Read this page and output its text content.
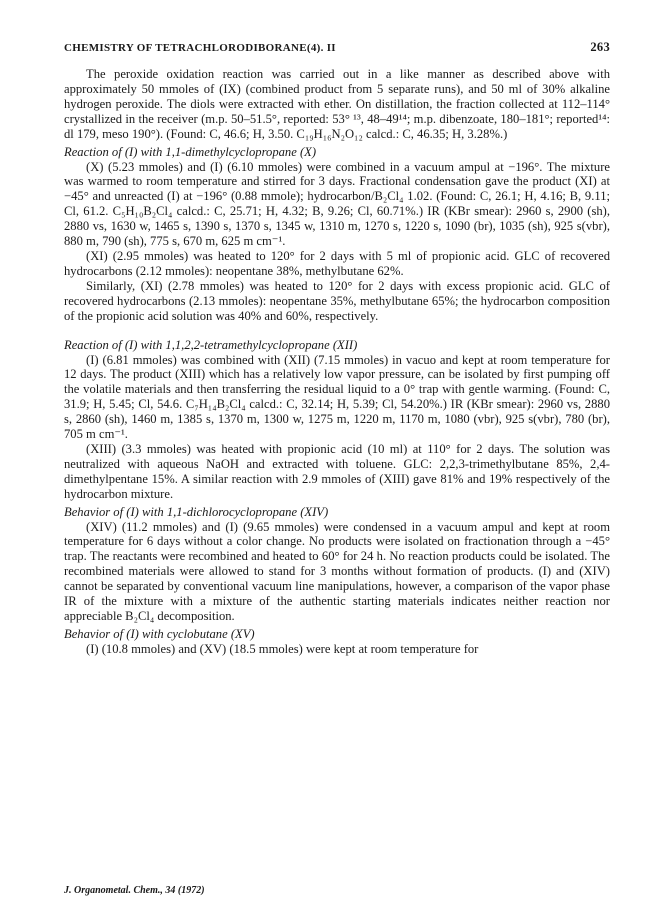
CHEMISTRY OF TETRACHLORODIBORANE(4). II	263

The peroxide oxidation reaction was carried out in a like manner as described above with approximately 50 mmoles of (IX) (combined product from 5 separate runs), and 50 ml of 30% alkaline hydrogen peroxide. The diols were extracted with ether. On distillation, the fraction collected at 112–114° crystallized in the receiver (m.p. 50–51.5°, reported: 53° ¹³, 48–49¹⁴; m.p. dibenzoate, 180–181°; reported¹⁴: dl 179, meso 190°). (Found: C, 46.6; H, 3.50. C₁₉H₁₆N₂O₁₂ calcd.: C, 46.35; H, 3.28%.)

Reaction of (I) with 1,1-dimethylcyclopropane (X)

(X) (5.23 mmoles) and (I) (6.10 mmoles) were combined in a vacuum ampul at −196°. The mixture was warmed to room temperature and stirred for 3 days. Fractional condensation gave the product (XI) at −45° and unreacted (I) at −196° (0.88 mmole); hydrocarbon/B₂Cl₄ 1.02. (Found: C, 26.1; H, 4.16; B, 9.11; Cl, 61.2. C₅H₁₀B₂Cl₄ calcd.: C, 25.71; H, 4.32; B, 9.26; Cl, 60.71%.) IR (KBr smear): 2960 s, 2900 (sh), 2880 vs, 1630 w, 1465 s, 1390 s, 1370 s, 1345 w, 1310 m, 1270 s, 1220 s, 1090 (br), 1035 (sh), 925 s(vbr), 880 m, 790 (sh), 775 s, 670 m, 625 m cm⁻¹.

(XI) (2.95 mmoles) was heated to 120° for 2 days with 5 ml of propionic acid. GLC of recovered hydrocarbons (2.12 mmoles): neopentane 38%, methylbutane 62%.

Similarly, (XI) (2.78 mmoles) was heated to 120° for 2 days with excess propionic acid. GLC of recovered hydrocarbons (2.13 mmoles): neopentane 35%, methylbutane 65%; the hydrocarbon composition of the propionic acid solution was 40% and 60%, respectively.

Reaction of (I) with 1,1,2,2-tetramethylcyclopropane (XII)

(I) (6.81 mmoles) was combined with (XII) (7.15 mmoles) in vacuo and kept at room temperature for 12 days. The product (XIII) which has a relatively low vapor pressure, can be isolated by first pumping off the volatile materials and then transferring the residual liquid to a 0° trap with gentle warming. (Found: C, 31.9; H, 5.45; Cl, 54.6. C₇H₁₄B₂Cl₄ calcd.: C, 32.14; H, 5.39; Cl, 54.20%.) IR (KBr smear): 2960 vs, 2880 s, 2860 (sh), 1460 m, 1385 s, 1370 m, 1300 w, 1275 m, 1220 m, 1170 m, 1080 (vbr), 925 s(vbr), 780 (br), 705 m cm⁻¹.

(XIII) (3.3 mmoles) was heated with propionic acid (10 ml) at 110° for 2 days. The solution was neutralized with aqueous NaOH and extracted with toluene. GLC: 2,2,3-trimethylbutane 85%, 2,4-dimethylpentane 15%. A similar reaction with 2.9 mmoles of (XIII) gave 81% and 19% respectively of the hydrocarbon mixture.

Behavior of (I) with 1,1-dichlorocyclopropane (XIV)

(XIV) (11.2 mmoles) and (I) (9.65 mmoles) were condensed in a vacuum ampul and kept at room temperature for 6 days without a color change. No products were isolated on fractionation through a −45° trap. The reactants were recombined and heated to 60° for 24 h. No reaction products could be isolated. The recombined materials were allowed to stand for 3 months without formation of products. (I) and (XIV) cannot be separated by conventional vacuum line manipulations, however, a comparison of the vapor phase IR of the mixture with a mixture of the authentic starting materials indicates neither reaction nor appreciable B₂Cl₄ decomposition.

Behavior of (I) with cyclobutane (XV)

(I) (10.8 mmoles) and (XV) (18.5 mmoles) were kept at room temperature for

J. Organometal. Chem., 34 (1972)
